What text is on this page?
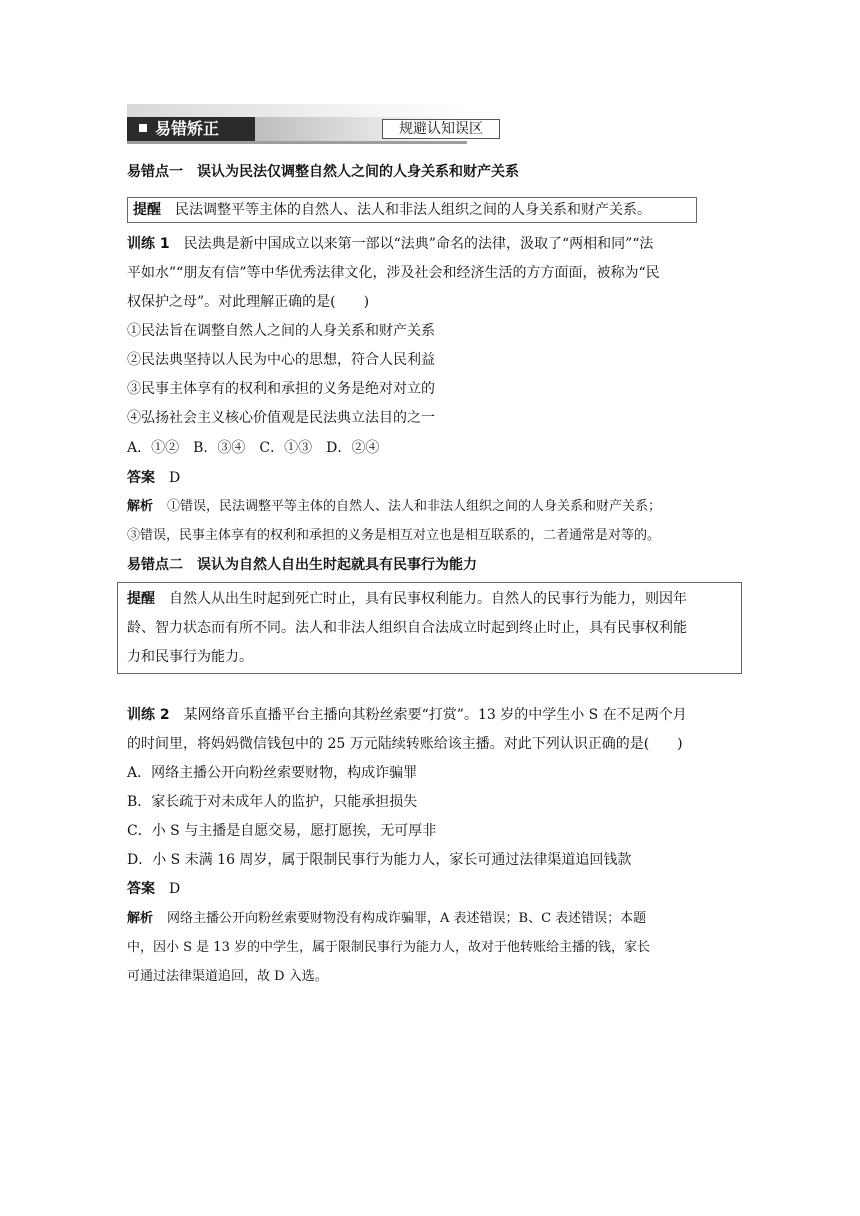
易错矫正	规避认知误区
易错点一　误认为民法仅调整自然人之间的人身关系和财产关系
提醒 民法调整平等主体的自然人、法人和非法人组织之间的人身关系和财产关系。
训练 1 民法典是新中国成立以来第一部以“法典”命名的法律，汲取了“两相和同”“法
平如水”“朋友有信”等中华优秀法律文化，涉及社会和经济生活的方方面面，被称为“民
权保护之母”。对此理解正确的是(　　)
①民法旨在调整自然人之间的人身关系和财产关系
②民法典坚持以人民为中心的思想，符合人民利益
③民事主体享有的权利和承担的义务是绝对对立的
④弘扬社会主义核心价值观是民法典立法目的之一
A．①②　B．③④　C．①③　D．②④
答案 D
解析 ①错误，民法调整平等主体的自然人、法人和非法人组织之间的人身关系和财产关系；
③错误，民事主体享有的权利和承担的义务是相互对立也是相互联系的，二者通常是对等的。
易错点二　误认为自然人自出生时起就具有民事行为能力
提醒 自然人从出生时起到死亡时止，具有民事权利能力。自然人的民事行为能力，则因年
龄、智力状态而有所不同。法人和非法人组织自合法成立时起到终止时止，具有民事权利能
力和民事行为能力。
训练 2 某网络音乐直播平台主播向其粉丝索要“打赏”。13 岁的中学生小 S 在不足两个月
的时间里，将妈妈微信钱包中的 25 万元陆续转账给该主播。对此下列认识正确的是(　　)
A．网络主播公开向粉丝索要财物，构成诈骗罪
B．家长疏于对未成年人的监护，只能承担损失
C．小 S 与主播是自愿交易，愿打愿挨，无可厚非
D．小 S 未满 16 周岁，属于限制民事行为能力人，家长可通过法律渠道追回钱款
答案 D
解析 网络主播公开向粉丝索要财物没有构成诈骗罪，A 表述错误；B、C 表述错误；本题
中，因小 S 是 13 岁的中学生，属于限制民事行为能力人，故对于他转账给主播的钱，家长
可通过法律渠道追回，故 D 入选。
